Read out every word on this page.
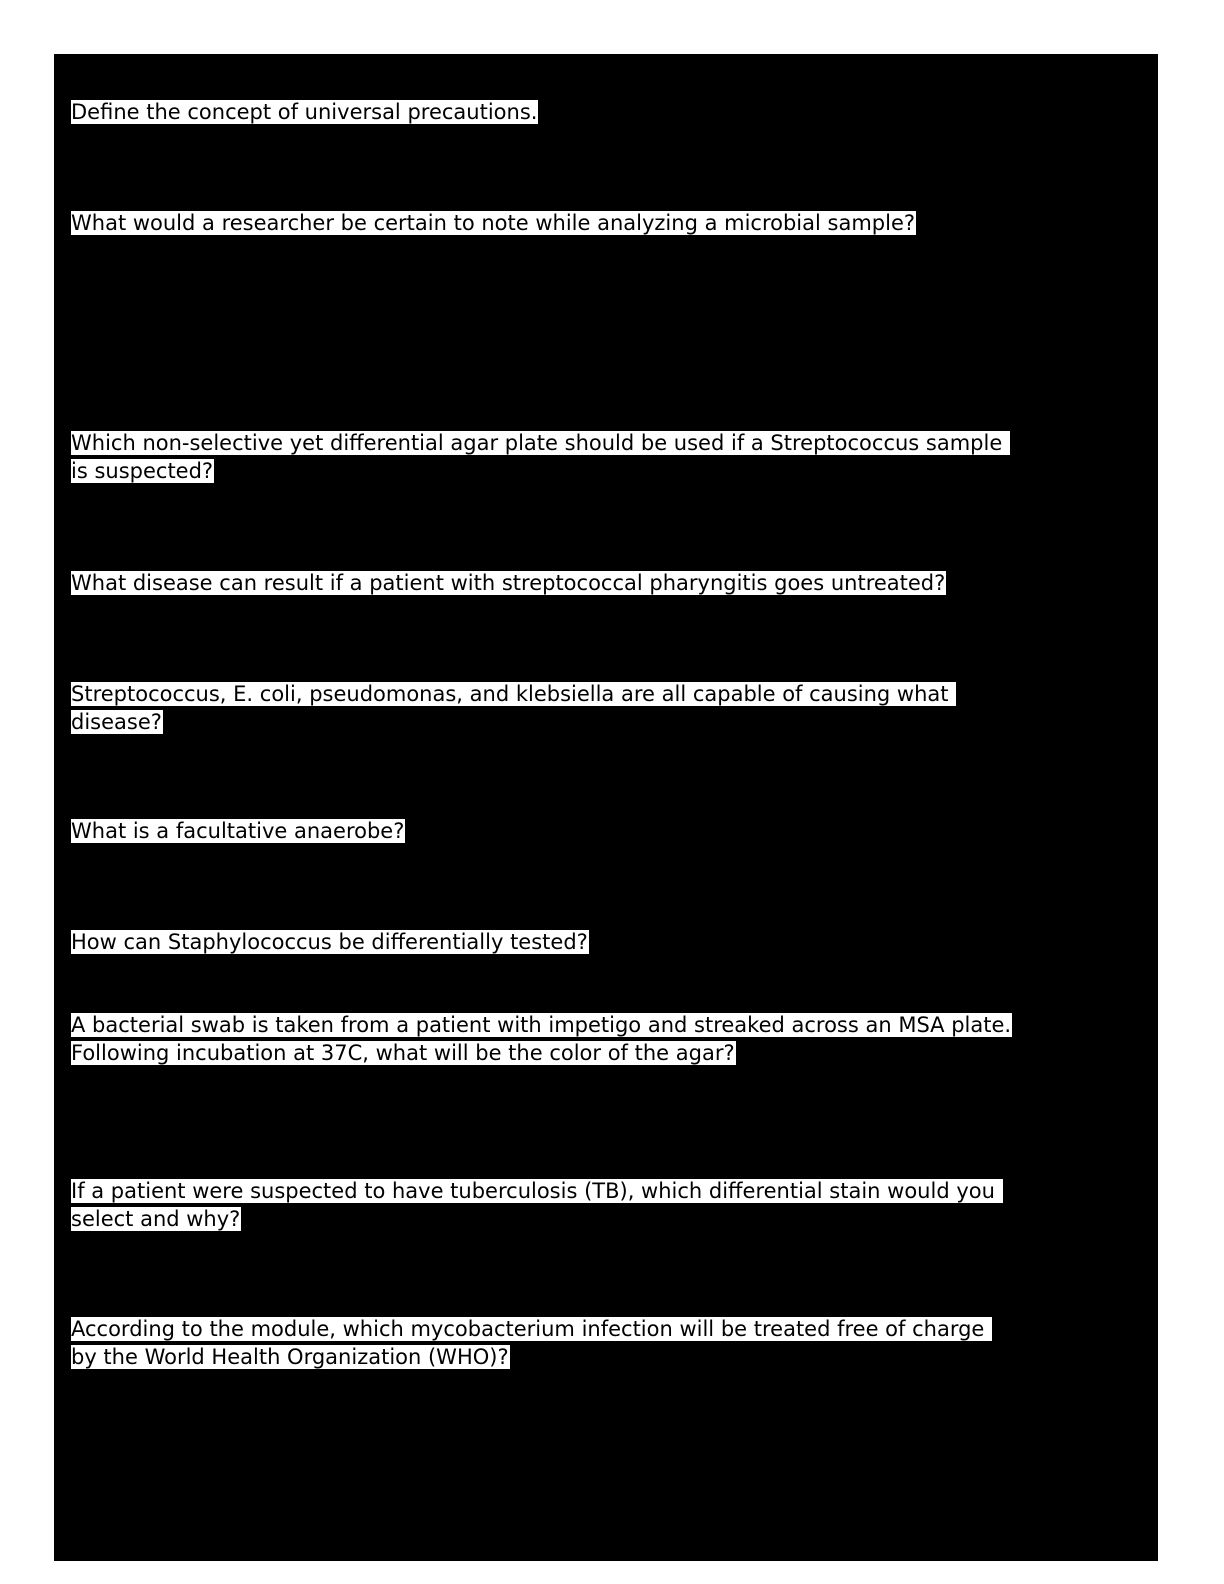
Define the concept of universal precautions.
What would a researcher be certain to note while analyzing a microbial sample?
Which non-selective yet differential agar plate should be used if a Streptococcus sample
is suspected?
What disease can result if a patient with streptococcal pharyngitis goes untreated?
Streptococcus, E. coli, pseudomonas, and klebsiella are all capable of causing what
disease?
What is a facultative anaerobe?
How can Staphylococcus be differentially tested?
A bacterial swab is taken from a patient with impetigo and streaked across an MSA plate.
Following incubation at 37C, what will be the color of the agar?
If a patient were suspected to have tuberculosis (TB), which differential stain would you
select and why?
According to the module, which mycobacterium infection will be treated free of charge
by the World Health Organization (WHO)?
